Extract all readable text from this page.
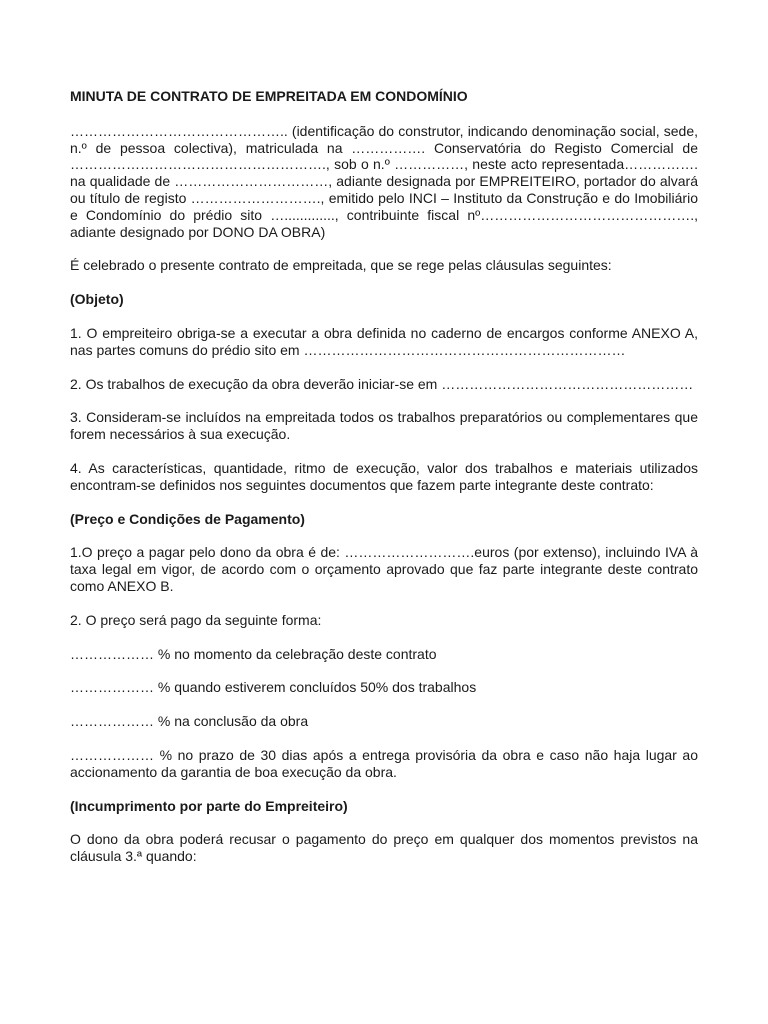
MINUTA DE CONTRATO DE EMPREITADA EM CONDOMÍNIO

……………………………………….. (identificação do construtor, indicando denominação social, sede, n.º de pessoa colectiva), matriculada na ……………. Conservatória do Registo Comercial de ………………………………………………., sob o n.º ……………, neste acto representada……………. na qualidade de ……………………………, adiante designada por EMPREITEIRO, portador do alvará ou título de registo ………………………., emitido pelo INCI – Instituto da Construção e do Imobiliário e Condomínio do prédio sito …............., contribuinte fiscal nº………………………………………., adiante designado por DONO DA OBRA)

É celebrado o presente contrato de empreitada, que se rege pelas cláusulas seguintes:

(Objeto)

1. O empreiteiro obriga-se a executar a obra definida no caderno de encargos conforme ANEXO A, nas partes comuns do prédio sito em ……………………………………………………………

2. Os trabalhos de execução da obra deverão iniciar-se em ………………………………………………

3. Consideram-se incluídos na empreitada todos os trabalhos preparatórios ou complementares que forem necessários à sua execução.

4. As características, quantidade, ritmo de execução, valor dos trabalhos e materiais utilizados encontram-se definidos nos seguintes documentos que fazem parte integrante deste contrato:

(Preço e Condições de Pagamento)

1.O preço a pagar pelo dono da obra é de: ……………………….euros (por extenso), incluindo IVA à taxa legal em vigor, de acordo com o orçamento aprovado que faz parte integrante deste contrato como ANEXO B.

2. O preço será pago da seguinte forma:

……………… % no momento da celebração deste contrato

……………… % quando estiverem concluídos 50% dos trabalhos

……………… % na conclusão da obra

……………… % no prazo de 30 dias após a entrega provisória da obra e caso não haja lugar ao accionamento da garantia de boa execução da obra.

(Incumprimento por parte do Empreiteiro)

O dono da obra poderá recusar o pagamento do preço em qualquer dos momentos previstos na cláusula 3.ª quando:
